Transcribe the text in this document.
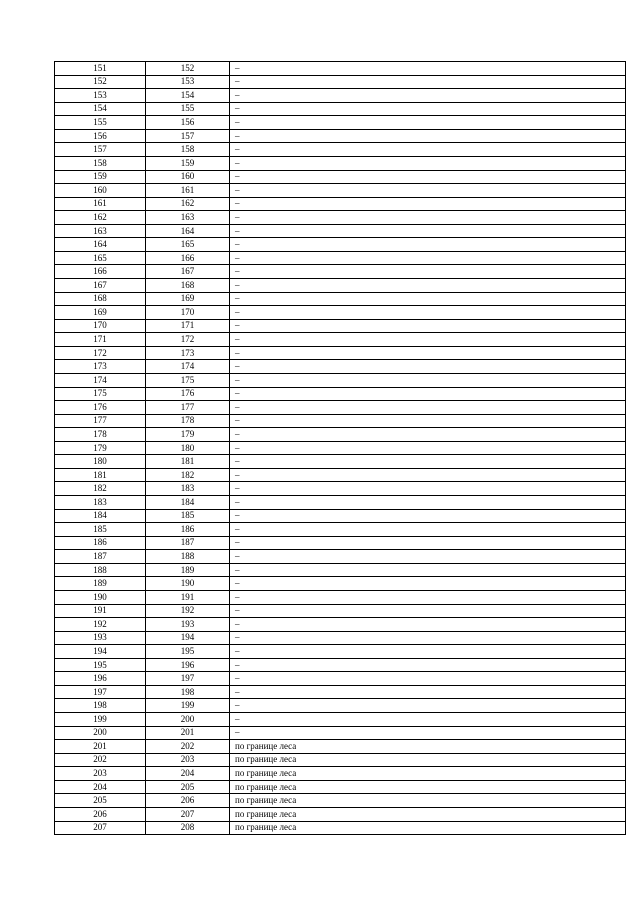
151	152	–
152	153	–
153	154	–
154	155	–
155	156	–
156	157	–
157	158	–
158	159	–
159	160	–
160	161	–
161	162	–
162	163	–
163	164	–
164	165	–
165	166	–
166	167	–
167	168	–
168	169	–
169	170	–
170	171	–
171	172	–
172	173	–
173	174	–
174	175	–
175	176	–
176	177	–
177	178	–
178	179	–
179	180	–
180	181	–
181	182	–
182	183	–
183	184	–
184	185	–
185	186	–
186	187	–
187	188	–
188	189	–
189	190	–
190	191	–
191	192	–
192	193	–
193	194	–
194	195	–
195	196	–
196	197	–
197	198	–
198	199	–
199	200	–
200	201	–
201	202	по границе леса
202	203	по границе леса
203	204	по границе леса
204	205	по границе леса
205	206	по границе леса
206	207	по границе леса
207	208	по границе леса
